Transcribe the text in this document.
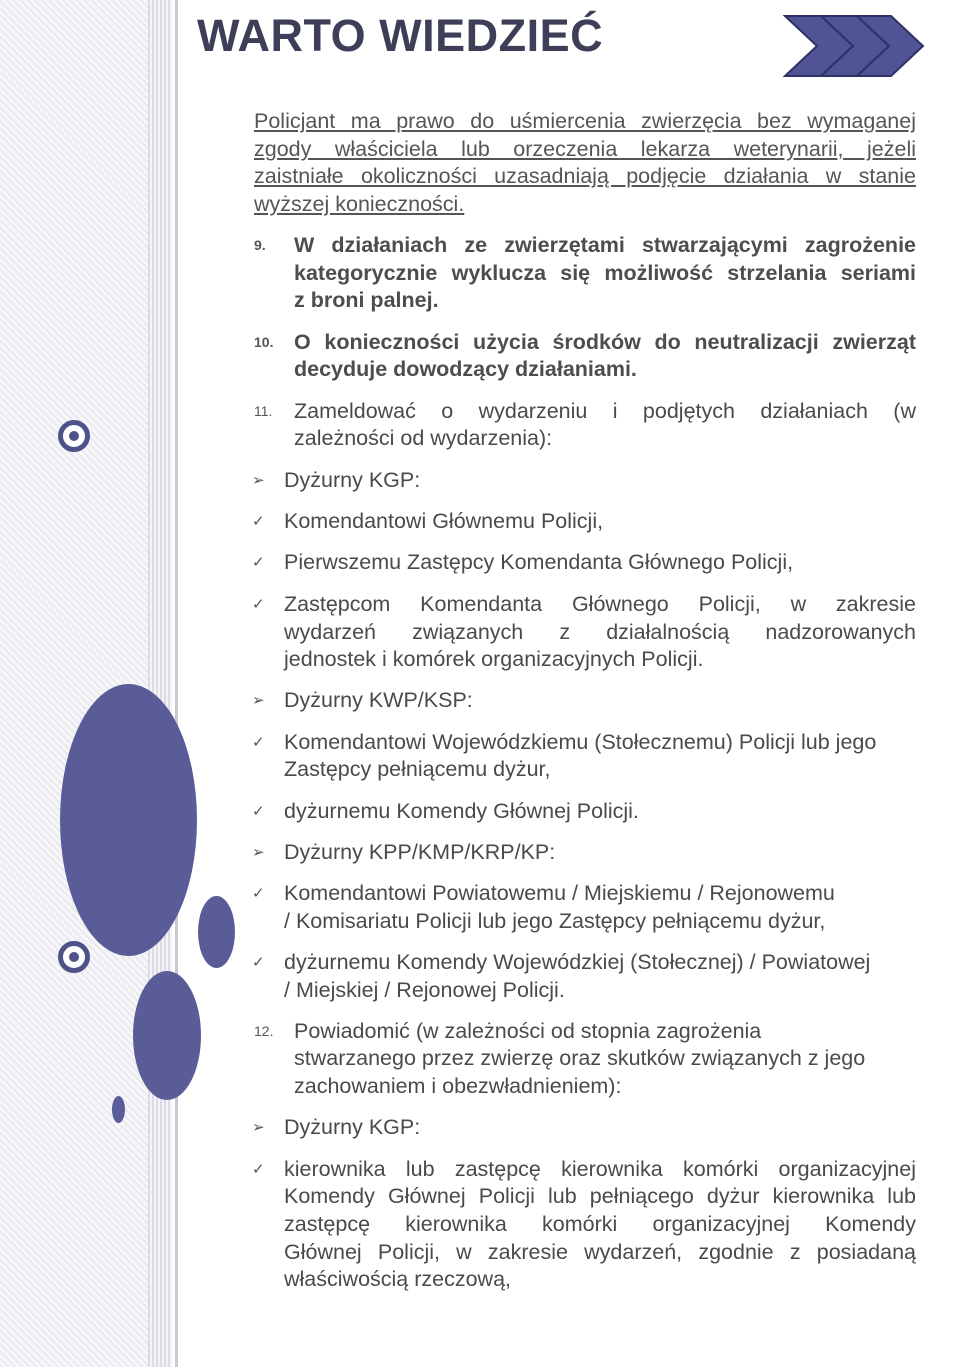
WARTO WIEDZIEĆ

Policjant ma prawo do uśmiercenia zwierzęcia bez wymaganej

zgody właściciela lub orzeczenia lekarza weterynarii, jeżeli

zaistniałe okoliczności uzasadniają podjęcie działania w stanie

wyższej konieczności.

9. W działaniach ze zwierzętami stwarzającymi zagrożenie

kategorycznie wyklucza się możliwość strzelania seriami

z broni palnej.

10. O konieczności użycia środków do neutralizacji zwierząt

decyduje dowodzący działaniami.

11. Zameldować o wydarzeniu i podjętych działaniach (w

zależności od wydarzenia):

➢ Dyżurny KGP:

✓ Komendantowi Głównemu Policji,

✓ Pierwszemu Zastępcy Komendanta Głównego Policji,

✓ Zastępcom Komendanta Głównego Policji, w zakresie

wydarzeń związanych z działalnością nadzorowanych

jednostek i komórek organizacyjnych Policji.

➢ Dyżurny KWP/KSP:

✓ Komendantowi Wojewódzkiemu (Stołecznemu) Policji lub jego

Zastępcy pełniącemu dyżur,

✓ dyżurnemu Komendy Głównej Policji.

➢ Dyżurny KPP/KMP/KRP/KP:

✓ Komendantowi Powiatowemu / Miejskiemu / Rejonowemu

/ Komisariatu Policji lub jego Zastępcy pełniącemu dyżur,

✓ dyżurnemu Komendy Wojewódzkiej (Stołecznej) / Powiatowej

/ Miejskiej / Rejonowej Policji.

12. Powiadomić (w zależności od stopnia zagrożenia

stwarzanego przez zwierzę oraz skutków związanych z jego

zachowaniem i obezwładnieniem):

➢ Dyżurny KGP:

✓ kierownika lub zastępcę kierownika komórki organizacyjnej

Komendy Głównej Policji lub pełniącego dyżur kierownika lub

zastępcę kierownika komórki organizacyjnej Komendy

Głównej Policji, w zakresie wydarzeń, zgodnie z posiadaną

właściwością rzeczową,
